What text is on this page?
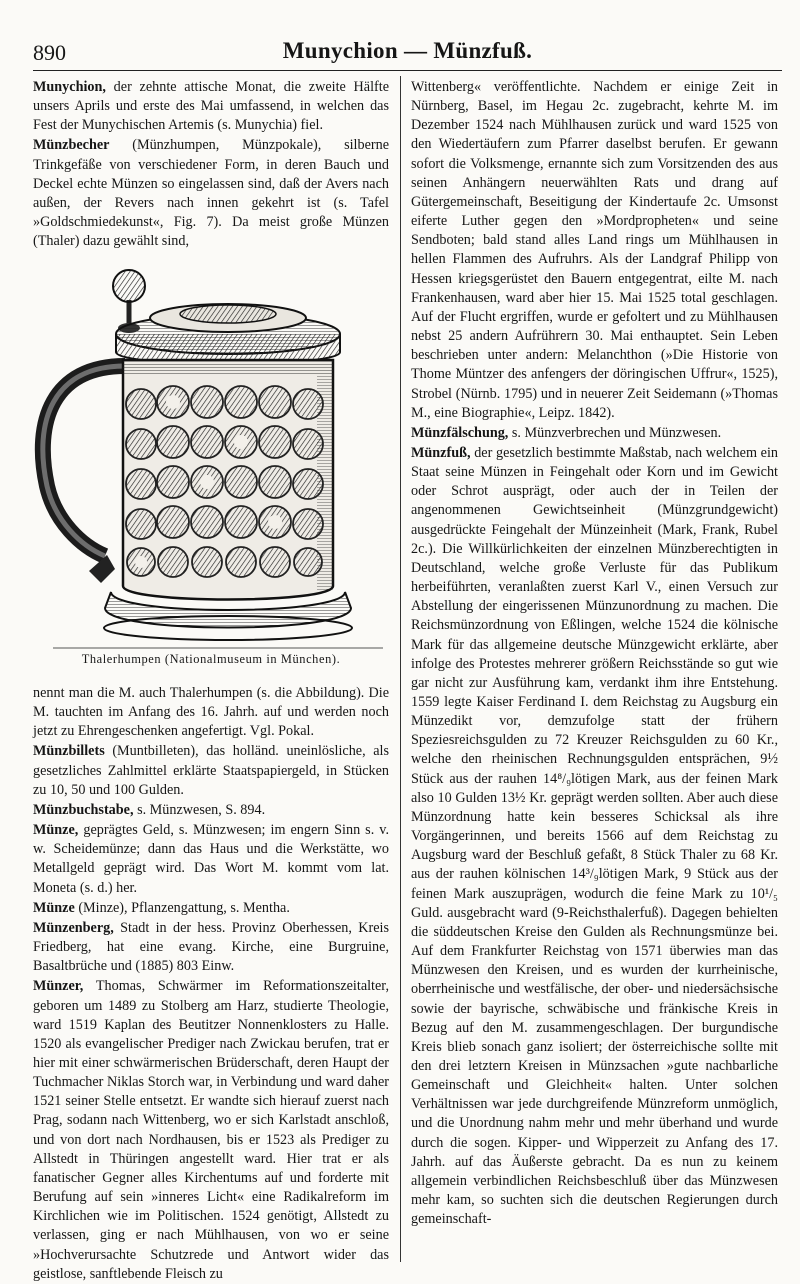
890	Munychion — Münzfuß.

Munychion, der zehnte attische Monat, die zweite Hälfte unsers Aprils und erste des Mai umfassend, in welchen das Fest der Munychischen Artemis (s. Munychia) fiel.

Münzbecher (Münzhumpen, Münzpokale), silberne Trinkgefäße von verschiedener Form, in deren Bauch und Deckel echte Münzen so eingelassen sind, daß der Avers nach außen, der Revers nach innen gekehrt ist (s. Tafel »Goldschmiedekunst«, Fig. 7). Da meist große Münzen (Thaler) dazu gewählt sind,

Thalerhumpen (Nationalmuseum in München).

nennt man die M. auch Thalerhumpen (s. die Abbildung). Die M. tauchten im Anfang des 16. Jahrh. auf und werden noch jetzt zu Ehrengeschenken angefertigt. Vgl. Pokal.

Münzbillets (Muntbilleten), das holländ. uneinlösliche, als gesetzliches Zahlmittel erklärte Staatspapiergeld, in Stücken zu 10, 50 und 100 Gulden.

Münzbuchstabe, s. Münzwesen, S. 894.

Münze, geprägtes Geld, s. Münzwesen; im engern Sinn s. v. w. Scheidemünze; dann das Haus und die Werkstätte, wo Metallgeld geprägt wird. Das Wort M. kommt vom lat. Moneta (s. d.) her.

Münze (Minze), Pflanzengattung, s. Mentha.

Münzenberg, Stadt in der hess. Provinz Oberhessen, Kreis Friedberg, hat eine evang. Kirche, eine Burgruine, Basaltbrüche und (1885) 803 Einw.

Münzer, Thomas, Schwärmer im Reformationszeitalter, geboren um 1489 zu Stolberg am Harz, studierte Theologie, ward 1519 Kaplan des Beutitzer Nonnenklosters zu Halle. 1520 als evangelischer Prediger nach Zwickau berufen, trat er hier mit einer schwärmerischen Brüderschaft, deren Haupt der Tuchmacher Niklas Storch war, in Verbindung und ward daher 1521 seiner Stelle entsetzt. Er wandte sich hierauf zuerst nach Prag, sodann nach Wittenberg, wo er sich Karlstadt anschloß, und von dort nach Nordhausen, bis er 1523 als Prediger zu Allstedt in Thüringen angestellt ward. Hier trat er als fanatischer Gegner alles Kirchentums auf und forderte mit Berufung auf sein »inneres Licht« eine Radikalreform im Kirchlichen wie im Politischen. 1524 genötigt, Allstedt zu verlassen, ging er nach Mühlhausen, von wo er seine »Hochverursachte Schutzrede und Antwort wider das geistlose, sanftlebende Fleisch zu

Wittenberg« veröffentlichte. Nachdem er einige Zeit in Nürnberg, Basel, im Hegau 2c. zugebracht, kehrte M. im Dezember 1524 nach Mühlhausen zurück und ward 1525 von den Wiedertäufern zum Pfarrer daselbst berufen. Er gewann sofort die Volksmenge, ernannte sich zum Vorsitzenden des aus seinen Anhängern neuerwählten Rats und drang auf Gütergemeinschaft, Beseitigung der Kindertaufe 2c. Umsonst eiferte Luther gegen den »Mordpropheten« und seine Sendboten; bald stand alles Land rings um Mühlhausen in hellen Flammen des Aufruhrs. Als der Landgraf Philipp von Hessen kriegsgerüstet den Bauern entgegentrat, eilte M. nach Frankenhausen, ward aber hier 15. Mai 1525 total geschlagen. Auf der Flucht ergriffen, wurde er gefoltert und zu Mühlhausen nebst 25 andern Aufrührern 30. Mai enthauptet. Sein Leben beschrieben unter andern: Melanchthon (»Die Historie von Thome Müntzer des anfengers der döringischen Uffrur«, 1525), Strobel (Nürnb. 1795) und in neuerer Zeit Seidemann (»Thomas M., eine Biographie«, Leipz. 1842).

Münzfälschung, s. Münzverbrechen und Münzwesen.

Münzfuß, der gesetzlich bestimmte Maßstab, nach welchem ein Staat seine Münzen in Feingehalt oder Korn und im Gewicht oder Schrot ausprägt, oder auch der in Teilen der angenommenen Gewichtseinheit (Münzgrundgewicht) ausgedrückte Feingehalt der Münzeinheit (Mark, Frank, Rubel 2c.). Die Willkürlichkeiten der einzelnen Münzberechtigten in Deutschland, welche große Verluste für das Publikum herbeiführten, veranlaßten zuerst Karl V., einen Versuch zur Abstellung der eingerissenen Münzunordnung zu machen. Die Reichsmünzordnung von Eßlingen, welche 1524 die kölnische Mark für das allgemeine deutsche Münzgewicht erklärte, aber infolge des Protestes mehrerer größern Reichsstände so gut wie gar nicht zur Ausführung kam, verdankt ihm ihre Entstehung. 1559 legte Kaiser Ferdinand I. dem Reichstag zu Augsburg ein Münzedikt vor, demzufolge statt der frühern Speziesreichsgulden zu 72 Kreuzer Reichsgulden zu 60 Kr., welche den rheinischen Rechnungsgulden entsprächen, 9½ Stück aus der rauhen 14⁸/₉lötigen Mark, aus der feinen Mark also 10 Gulden 13½ Kr. geprägt werden sollten. Aber auch diese Münzordnung hatte kein besseres Schicksal als ihre Vorgängerinnen, und bereits 1566 auf dem Reichstag zu Augsburg ward der Beschluß gefaßt, 8 Stück Thaler zu 68 Kr. aus der rauhen kölnischen 14³/₉lötigen Mark, 9 Stück aus der feinen Mark auszuprägen, wodurch die feine Mark zu 10¹/₅ Guld. ausgebracht ward (9-Reichsthalerfuß). Dagegen behielten die süddeutschen Kreise den Gulden als Rechnungsmünze bei. Auf dem Frankfurter Reichstag von 1571 überwies man das Münzwesen den Kreisen, und es wurden der kurrheinische, oberrheinische und westfälische, der ober- und niedersächsische sowie der bayrische, schwäbische und fränkische Kreis in Bezug auf den M. zusammengeschlagen. Der burgundische Kreis blieb sonach ganz isoliert; der österreichische sollte mit den drei letztern Kreisen in Münzsachen »gute nachbarliche Gemeinschaft und Gleichheit« halten. Unter solchen Verhältnissen war jede durchgreifende Münzreform unmöglich, und die Unordnung nahm mehr und mehr überhand und wurde durch die sogen. Kipper- und Wipperzeit zu Anfang des 17. Jahrh. auf das Äußerste gebracht. Da es nun zu keinem allgemein verbindlichen Reichsbeschluß über das Münzwesen mehr kam, so suchten sich die deutschen Regierungen durch gemeinschaft-
